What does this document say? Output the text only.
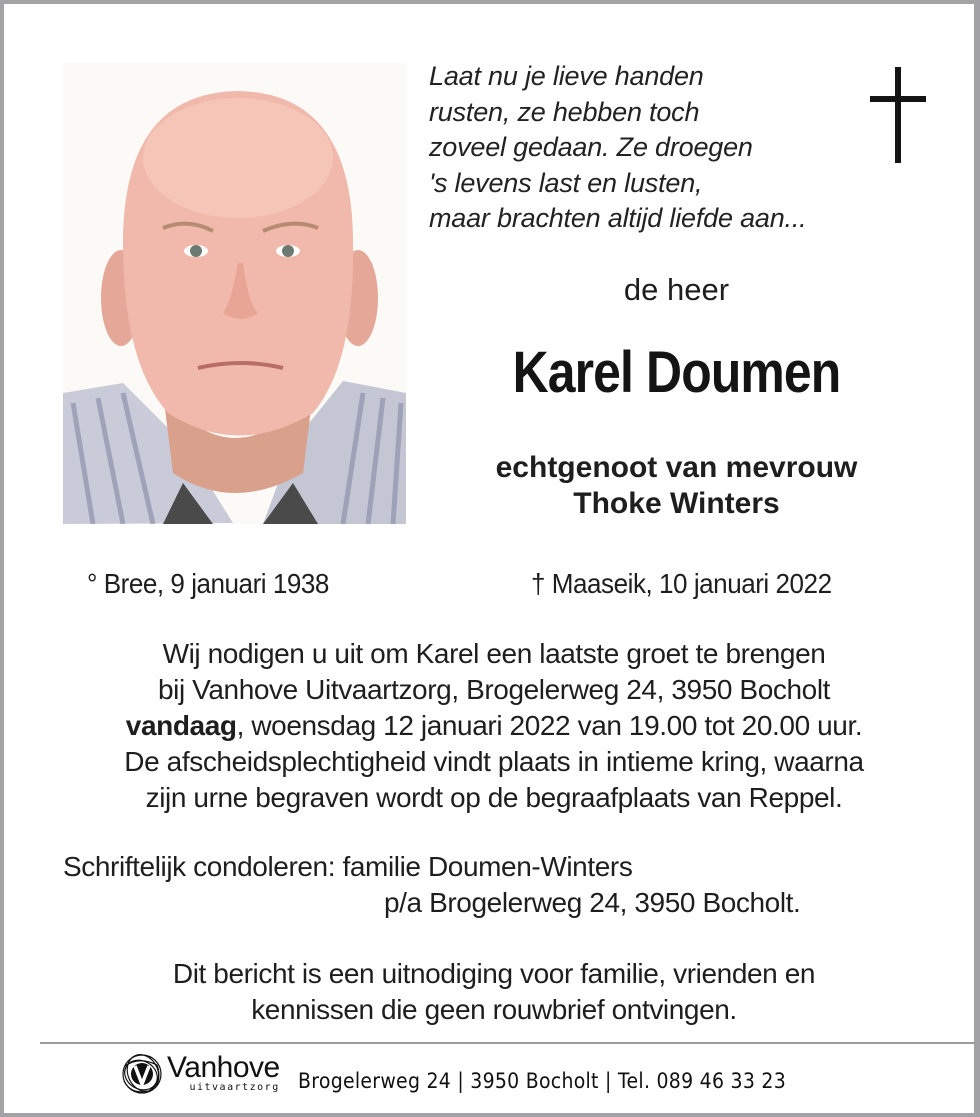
Laat nu je lieve handen
rusten, ze hebben toch
zoveel gedaan. Ze droegen
's levens last en lusten,
maar brachten altijd liefde aan...
de heer
Karel Doumen
echtgenoot van mevrouw
Thoke Winters
° Bree, 9 januari 1938	† Maaseik, 10 januari 2022
Wij nodigen u uit om Karel een laatste groet te brengen
bij Vanhove Uitvaartzorg, Brogelerweg 24, 3950 Bocholt
vandaag, woensdag 12 januari 2022 van 19.00 tot 20.00 uur.
De afscheidsplechtigheid vindt plaats in intieme kring, waarna
zijn urne begraven wordt op de begraafplaats van Reppel.
Schriftelijk condoleren: familie Doumen-Winters
p/a Brogelerweg 24, 3950 Bocholt.
Dit bericht is een uitnodiging voor familie, vrienden en
kennissen die geen rouwbrief ontvingen.
Vanhove
uitvaartzorg Brogelerweg 24 | 3950 Bocholt | Tel. 089 46 33 23
